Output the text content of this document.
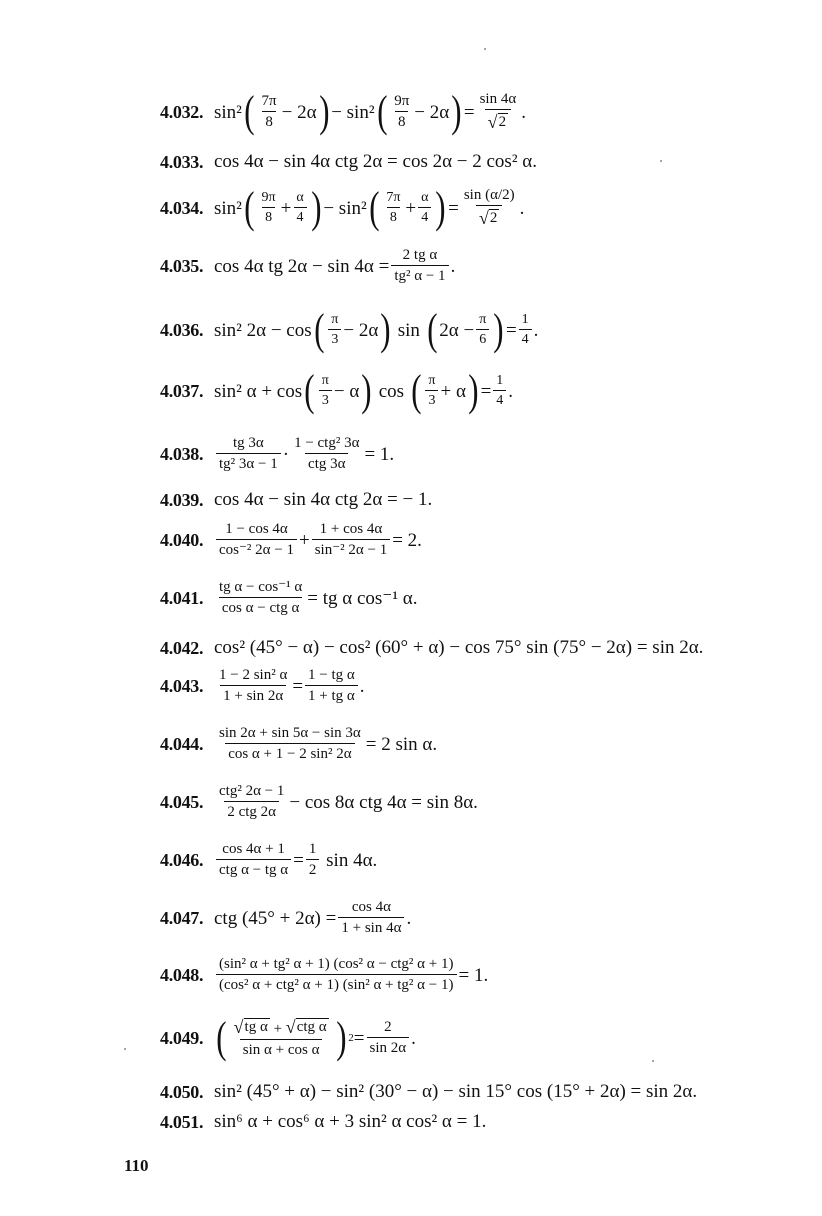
4.032. sin² ( $\frac{7\pi}{8} - 2\alpha$ ) − sin² ( $\frac{9\pi}{8} - 2\alpha$ ) = $\frac{\sin 4\alpha}{√ 2}$ .
4.033. cos 4α − sin 4α ctg 2α = cos 2α − 2 cos² α.
4.034. sin² ( $\frac{9\pi}{8} + \frac{\alpha}{4}$ ) − sin² ( $\frac{7\pi}{8} + \frac{\alpha}{4}$ ) = $\frac{\sin (\alpha/2)}{√ 2}$ .
4.035. cos 4α tg $2\alpha - \sin 4\alpha = \frac{\text{2 tg α}}{\text{tg² α − 1}}$ .
4.036. sin² 2α − cos ( $\frac{\pi}{3} - 2\alpha$ )
sin
( $2\alpha - \frac{\pi}{6}$ ) = $\frac{1}{4}$ .
4.037. sin² α + cos ( $\frac{\pi}{3} - \alpha$ )
cos
( $\frac{\pi}{3} + \alpha$ ) = $\frac{1}{4}$ .
4.038. $\frac{tg 3\alpha}{\text{tg² 3α − 1}} \cdot \frac{\text{1 − ctg² 3α}}{\text{ctg 3α}} = 1$.
4.039. cos 4α − sin 4α ctg 2α = − 1.
4.040. $\frac{1 - \cos 4\alpha}{\text{cos⁻² 2α − 1}} + \frac{1 + \cos 4\alpha}{\text{sin⁻² 2α − 1}} = 2$.
4.041. $\frac{\text{tg α − cos⁻¹ α}}{\text{cos α − ctg α}}$ = tg α cos⁻¹ α.
4.042. cos² (45° − α) − cos² (60° + α) − cos 75° sin (75° − 2α) = sin 2α.
4.043. $\frac{\text{1 − 2 sin² α}}{1 + \sin 2\alpha} = \frac{\text{1 − tg α}}{\text{1 + tg α}}$ .
4.044. $\frac{\sin 2\alpha + \sin 5\alpha - \sin 3\alpha}{\text{cos α + 1 − 2 sin² 2α}} = 2$ sin α.
4.045. $\frac{\text{ctg² 2α − 1}}{\text{2 ctg 2α}} - \cos 8\alpha$ ctg 4α = sin 8α.
4.046. $\frac{\cos 4\alpha + 1}{\text{ctg α − tg α}} = \frac{1}{2}$
sin 4α.
4.047. ctg $(45^\circ + 2\alpha) = \frac{\cos 4\alpha}{1 + \sin 4\alpha}$ .
4.048. $\frac{\text{(sin² α + tg² α + 1) (cos² α − ctg² α + 1)}}{\text{(cos² α + ctg² α + 1) (sin² α + tg² α − 1)}} = 1$.
4.049. ( $\frac{\text{√ tg α + √ ctg α}}{\text{sin α + cos α}}$ ) $2 = \frac{2}{\sin 2\alpha}$ .
4.050. sin² (45° + α) − sin² (30° − α) − sin 15° cos (15° + 2α) = sin 2α.
4.051. sin⁶ α + cos⁶ α + 3 sin² α cos² α = 1.
110
